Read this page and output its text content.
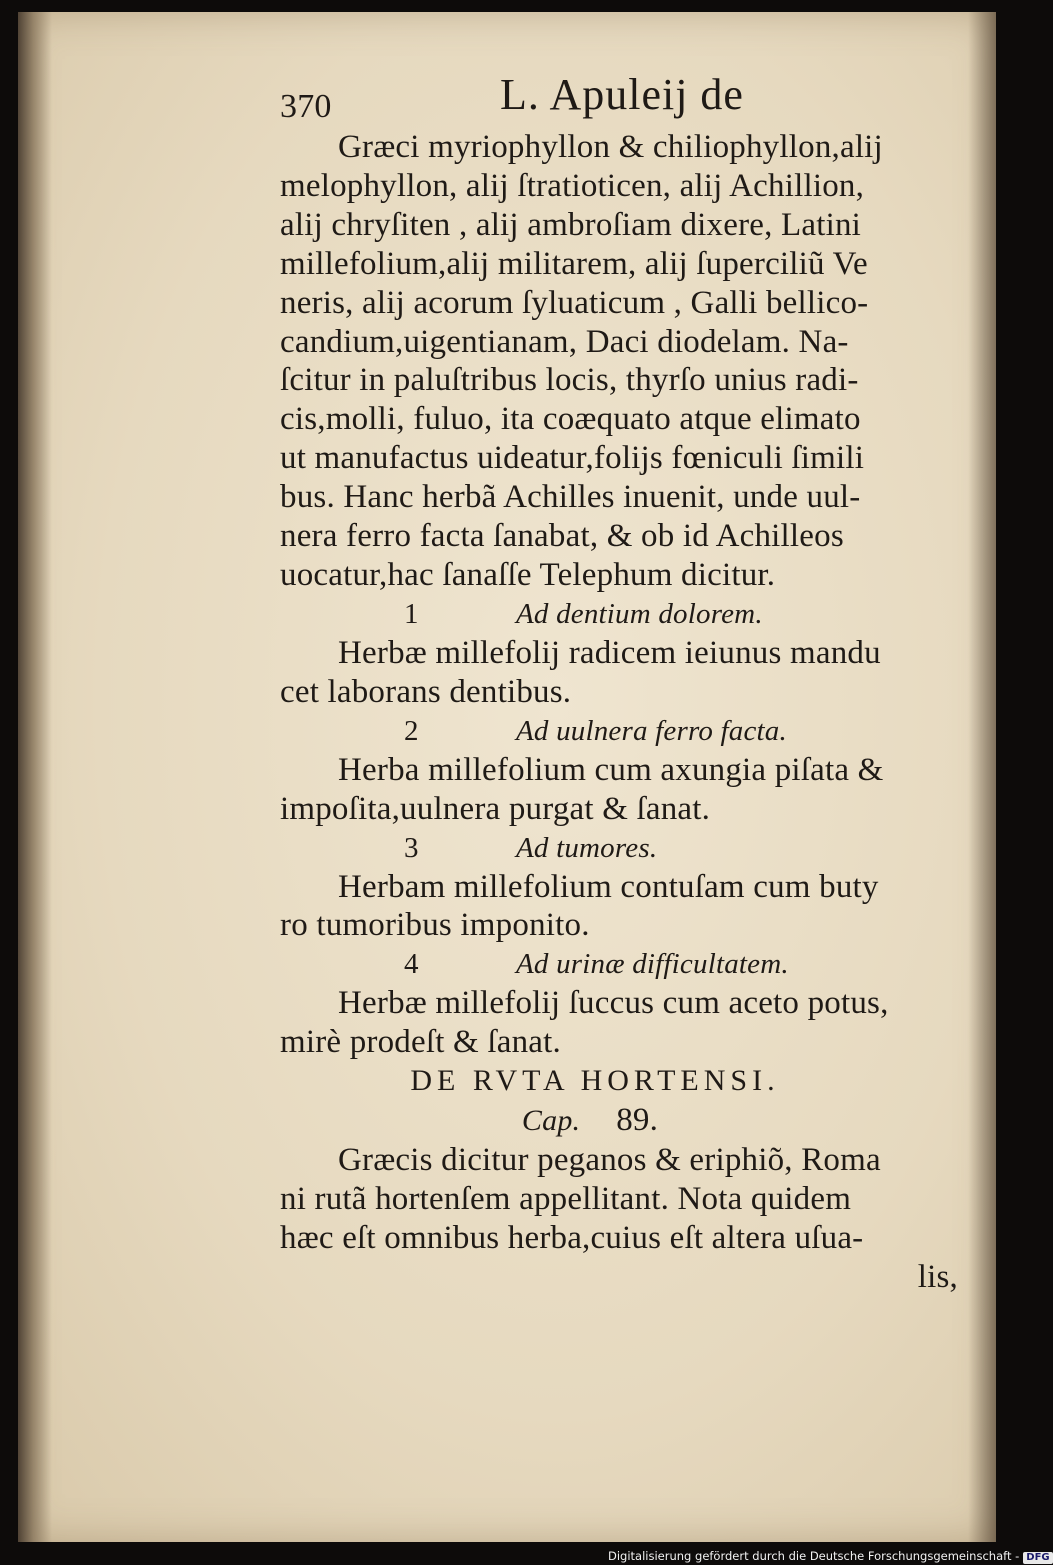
370	L. Apuleij de
Græci myriophyllon & chiliophyllon,alij
melophyllon, alij ſtratioticen, alij Achillion,
alij chryſiten , alij ambroſiam dixere, Latini
millefolium,alij militarem, alij ſuperciliũ Ve
neris, alij acorum ſyluaticum , Galli bellico-
candium,uigentianam, Daci diodelam. Na-
ſcitur in paluſtribus locis, thyrſo unius radi-
cis,molli, fuluo, ita coæquato atque elimato
ut manufactus uideatur,folijs fœniculi ſimili
bus. Hanc herbã Achilles inuenit, unde uul-
nera ferro facta ſanabat, & ob id Achilleos
uocatur,hac ſanaſſe Telephum dicitur.
1	Ad dentium dolorem.
Herbæ millefolij radicem ieiunus mandu
cet laborans dentibus.
2	Ad uulnera ferro facta.
Herba millefolium cum axungia piſata &
impoſita,uulnera purgat & ſanat.
3	Ad tumores.
Herbam millefolium contuſam cum buty
ro tumoribus imponito.
4	Ad urinæ difficultatem.
Herbæ millefolij ſuccus cum aceto potus,
mirè prodeſt & ſanat.
DE RVTA HORTENSI.
Cap. 89.
Græcis dicitur peganos & eriphiõ, Roma
ni rutã hortenſem appellitant. Nota quidem
hæc eſt omnibus herba,cuius eſt altera uſua-
lis,
Digitalisierung gefördert durch die Deutsche Forschungsgemeinschaft - DFG
